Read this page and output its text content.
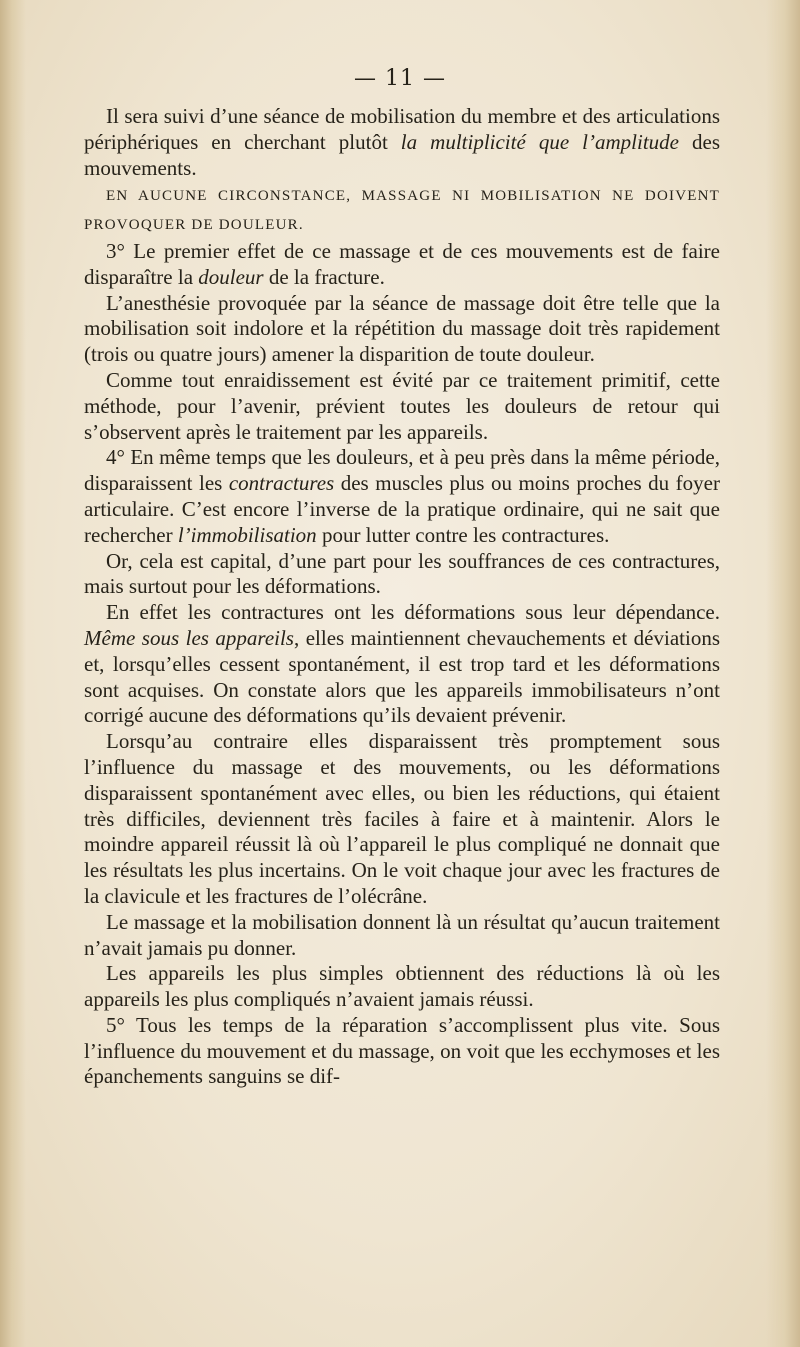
— 11 —

Il sera suivi d’une séance de mobilisation du membre et des articulations périphériques en cherchant plutôt la multiplicité que l’amplitude des mouvements.

EN AUCUNE CIRCONSTANCE, MASSAGE NI MOBILISATION NE DOIVENT PROVOQUER DE DOULEUR.

3° Le premier effet de ce massage et de ces mouvements est de faire disparaître la douleur de la fracture.

L’anesthésie provoquée par la séance de massage doit être telle que la mobilisation soit indolore et la répétition du massage doit très rapidement (trois ou quatre jours) amener la disparition de toute douleur.

Comme tout enraidissement est évité par ce traitement primitif, cette méthode, pour l’avenir, prévient toutes les douleurs de retour qui s’observent après le traitement par les appareils.

4° En même temps que les douleurs, et à peu près dans la même période, disparaissent les contractures des muscles plus ou moins proches du foyer articulaire. C’est encore l’inverse de la pratique ordinaire, qui ne sait que rechercher l’immobilisation pour lutter contre les contractures.

Or, cela est capital, d’une part pour les souffrances de ces contractures, mais surtout pour les déformations.

En effet les contractures ont les déformations sous leur dépendance. Même sous les appareils, elles maintiennent chevauchements et déviations et, lorsqu’elles cessent spontanément, il est trop tard et les déformations sont acquises. On constate alors que les appareils immobilisateurs n’ont corrigé aucune des déformations qu’ils devaient prévenir.

Lorsqu’au contraire elles disparaissent très promptement sous l’influence du massage et des mouvements, ou les déformations disparaissent spontanément avec elles, ou bien les réductions, qui étaient très difficiles, deviennent très faciles à faire et à maintenir. Alors le moindre appareil réussit là où l’appareil le plus compliqué ne donnait que les résultats les plus incertains. On le voit chaque jour avec les fractures de la clavicule et les fractures de l’olécrâne.

Le massage et la mobilisation donnent là un résultat qu’aucun traitement n’avait jamais pu donner.

Les appareils les plus simples obtiennent des réductions là où les appareils les plus compliqués n’avaient jamais réussi.

5° Tous les temps de la réparation s’accomplissent plus vite. Sous l’influence du mouvement et du massage, on voit que les ecchymoses et les épanchements sanguins se dif-
